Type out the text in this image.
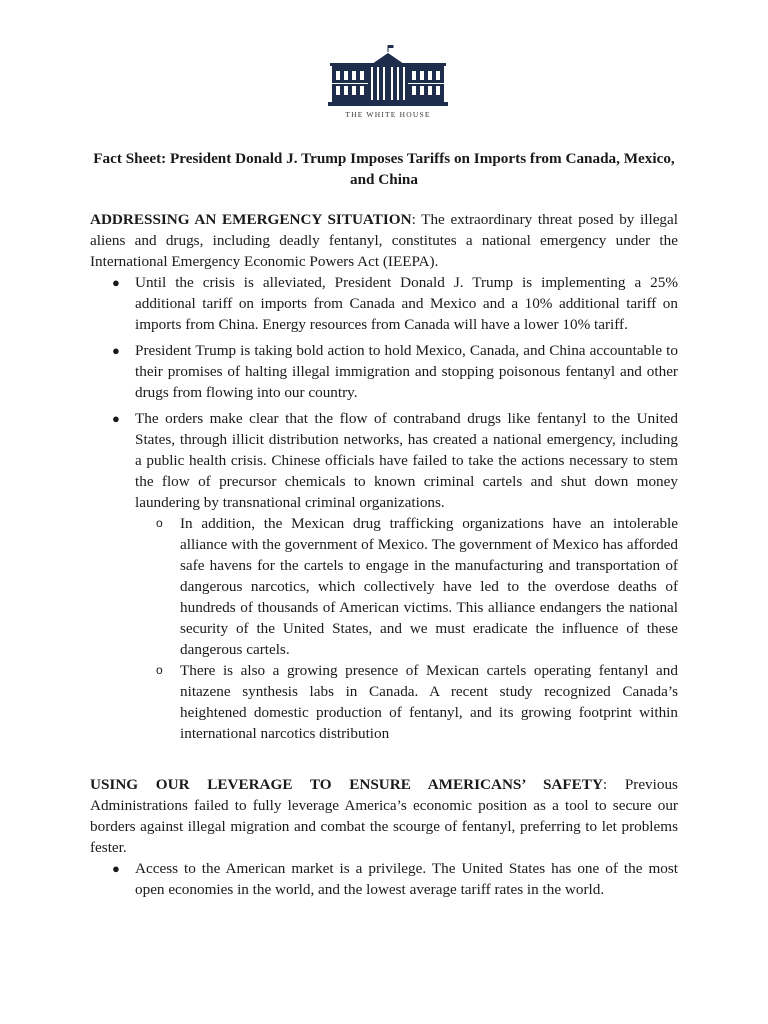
THE WHITE HOUSE
Fact Sheet: President Donald J. Trump Imposes Tariffs on Imports from Canada, Mexico, and China

ADDRESSING AN EMERGENCY SITUATION: The extraordinary threat posed by illegal aliens and drugs, including deadly fentanyl, constitutes a national emergency under the International Emergency Economic Powers Act (IEEPA).

● Until the crisis is alleviated, President Donald J. Trump is implementing a 25% additional tariff on imports from Canada and Mexico and a 10% additional tariff on imports from China. Energy resources from Canada will have a lower 10% tariff.
● President Trump is taking bold action to hold Mexico, Canada, and China accountable to their promises of halting illegal immigration and stopping poisonous fentanyl and other drugs from flowing into our country.
● The orders make clear that the flow of contraband drugs like fentanyl to the United States, through illicit distribution networks, has created a national emergency, including a public health crisis. Chinese officials have failed to take the actions necessary to stem the flow of precursor chemicals to known criminal cartels and shut down money laundering by transnational criminal organizations.
o In addition, the Mexican drug trafficking organizations have an intolerable alliance with the government of Mexico. The government of Mexico has afforded safe havens for the cartels to engage in the manufacturing and transportation of dangerous narcotics, which collectively have led to the overdose deaths of hundreds of thousands of American victims. This alliance endangers the national security of the United States, and we must eradicate the influence of these dangerous cartels.
o There is also a growing presence of Mexican cartels operating fentanyl and nitazene synthesis labs in Canada. A recent study recognized Canada’s heightened domestic production of fentanyl, and its growing footprint within international narcotics distribution

USING OUR LEVERAGE TO ENSURE AMERICANS’ SAFETY: Previous Administrations failed to fully leverage America’s economic position as a tool to secure our borders against illegal migration and combat the scourge of fentanyl, preferring to let problems fester.

● Access to the American market is a privilege. The United States has one of the most open economies in the world, and the lowest average tariff rates in the world.
